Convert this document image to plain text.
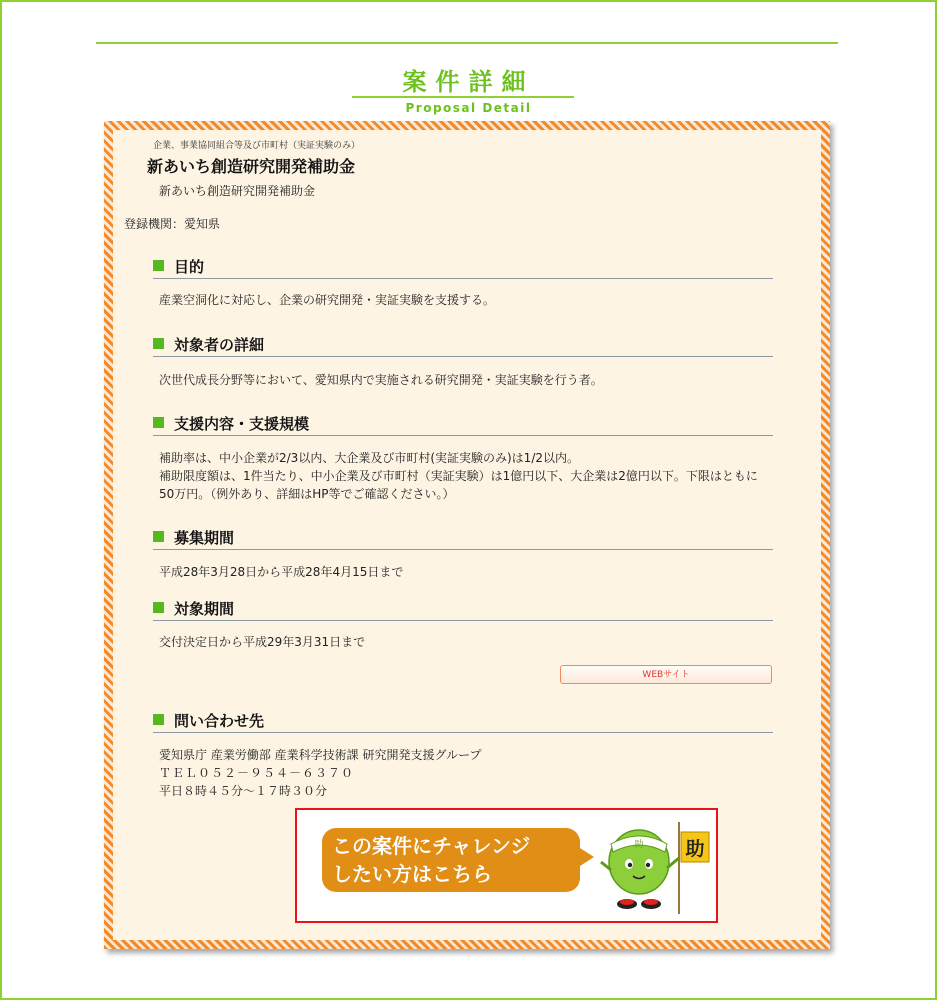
案件詳細
Proposal Detail
企業、事業協同組合等及び市町村（実証実験のみ）
新あいち創造研究開発補助金
新あいち創造研究開発補助金
登録機関：愛知県
目的
産業空洞化に対応し、企業の研究開発・実証実験を支援する。
対象者の詳細
次世代成長分野等において、愛知県内で実施される研究開発・実証実験を行う者。
支援内容・支援規模
補助率は、中小企業が2/3以内、大企業及び市町村(実証実験のみ)は1/2以内。
補助限度額は、1件当たり、中小企業及び市町村（実証実験）は1億円以下、大企業は2億円以下。下限はともに
50万円。（例外あり、詳細はHP等でご確認ください。）
募集期間
平成28年3月28日から平成28年4月15日まで
対象期間
交付決定日から平成29年3月31日まで
WEBサイト
問い合わせ先
愛知県庁 産業労働部 産業科学技術課 研究開発支援グループ
ＴＥＬ０５２－９５４－６３７０
平日８時４５分～１７時３０分
この案件にチャレンジ
したい方はこちら
助
助
